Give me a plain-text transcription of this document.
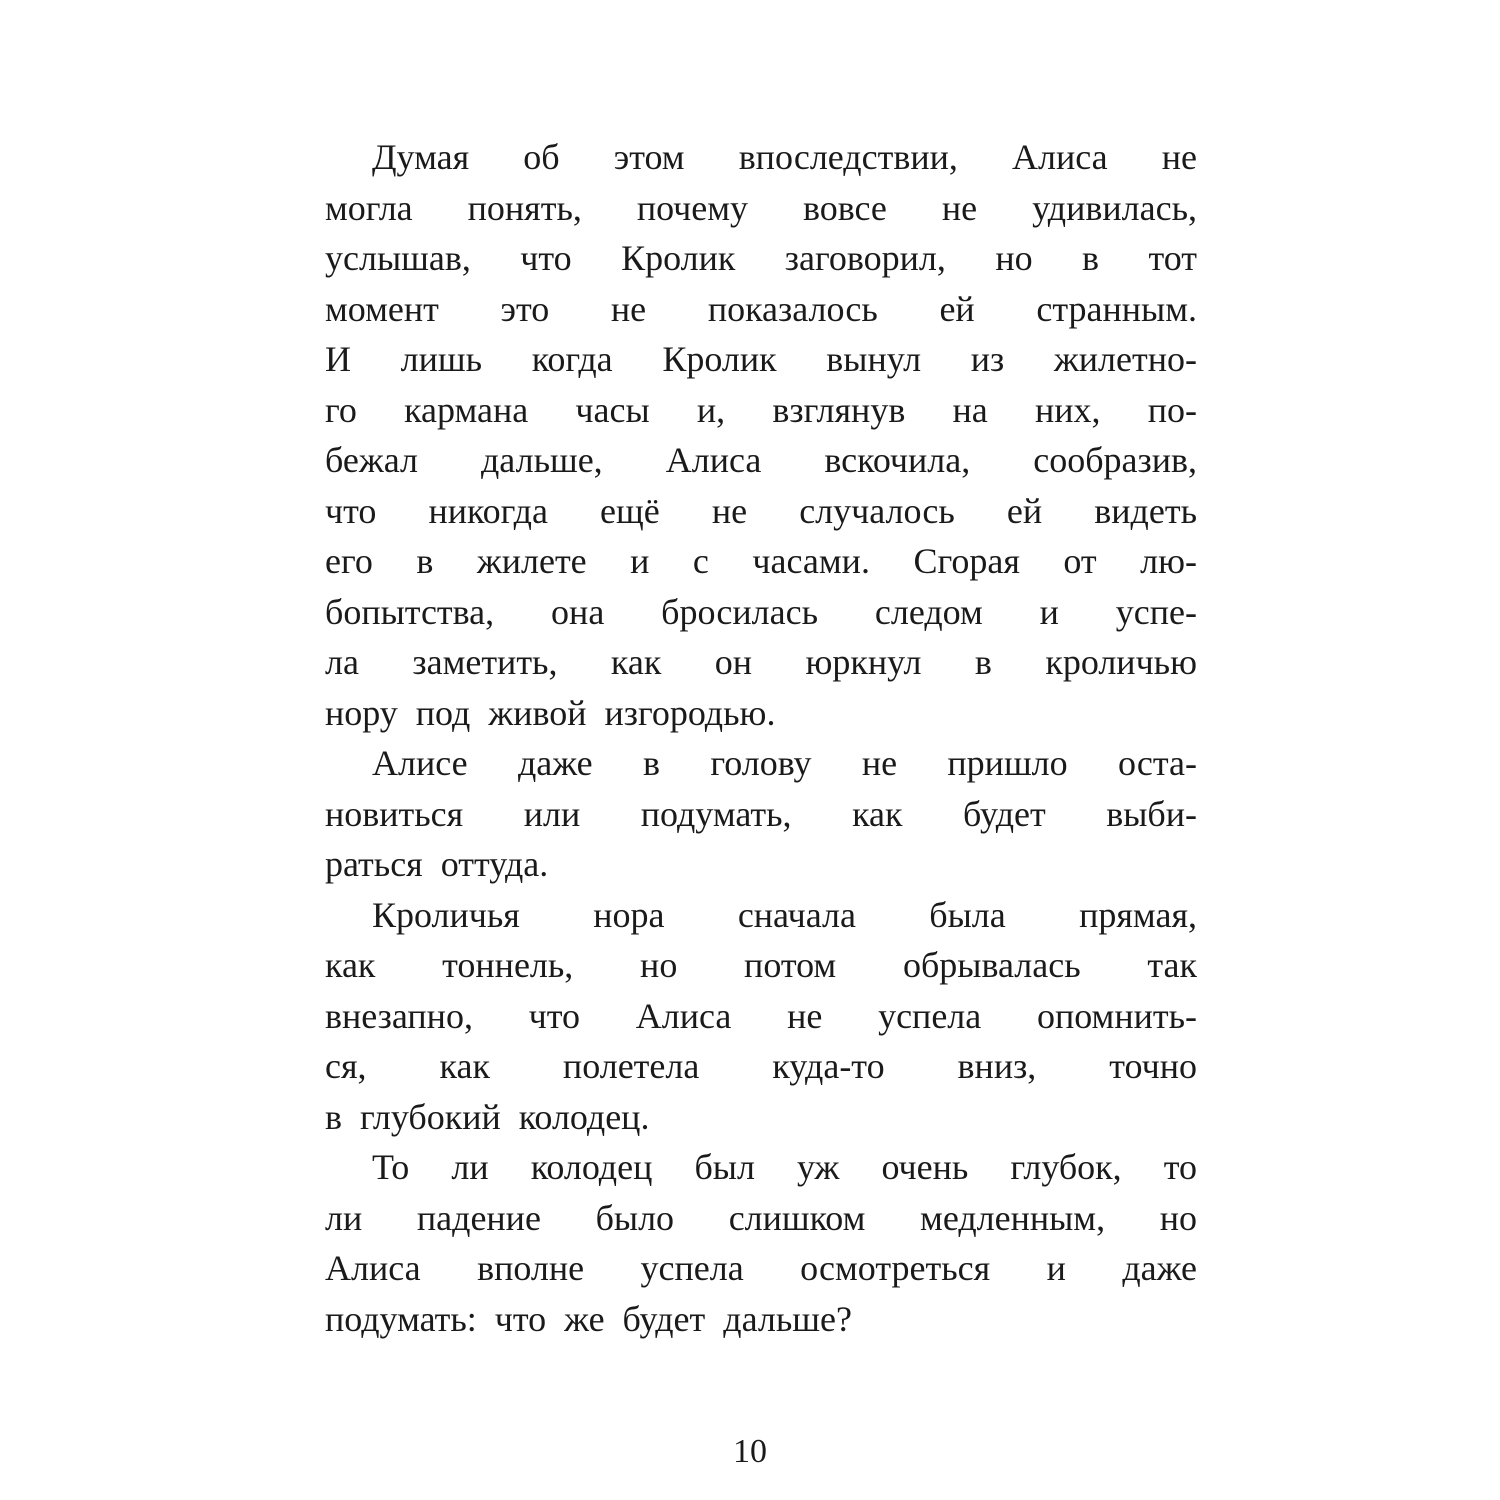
Думая об этом впоследствии, Алиса не
могла понять, почему вовсе не удивилась,
услышав, что Кролик заговорил, но в тот
момент это не показалось ей странным.
И лишь когда Кролик вынул из жилетно-
го кармана часы и, взглянув на них, по-
бежал дальше, Алиса вскочила, сообразив,
что никогда ещё не случалось ей видеть
его в жилете и с часами. Сгорая от лю-
бопытства, она бросилась следом и успе-
ла заметить, как он юркнул в кроличью
нору под живой изгородью.
Алисе даже в голову не пришло оста-
новиться или подумать, как будет выби-
раться оттуда.
Кроличья нора сначала была прямая,
как тоннель, но потом обрывалась так
внезапно, что Алиса не успела опомнить-
ся, как полетела куда-то вниз, точно
в глубокий колодец.
То ли колодец был уж очень глубок, то
ли падение было слишком медленным, но
Алиса вполне успела осмотреться и даже
подумать: что же будет дальше?
10
